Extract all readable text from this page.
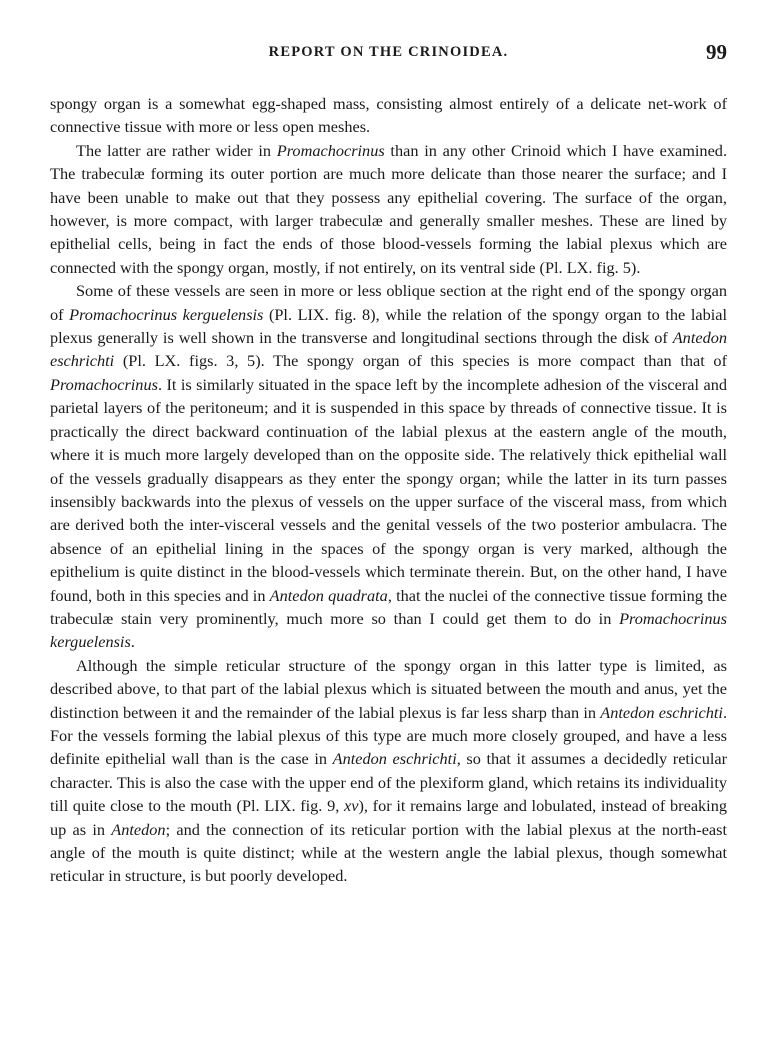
REPORT ON THE CRINOIDEA.	99

spongy organ is a somewhat egg-shaped mass, consisting almost entirely of a delicate net-work of connective tissue with more or less open meshes.

The latter are rather wider in Promachocrinus than in any other Crinoid which I have examined. The trabeculæ forming its outer portion are much more delicate than those nearer the surface; and I have been unable to make out that they possess any epithelial covering. The surface of the organ, however, is more compact, with larger trabeculæ and generally smaller meshes. These are lined by epithelial cells, being in fact the ends of those blood-vessels forming the labial plexus which are connected with the spongy organ, mostly, if not entirely, on its ventral side (Pl. LX. fig. 5).

Some of these vessels are seen in more or less oblique section at the right end of the spongy organ of Promachocrinus kerguelensis (Pl. LIX. fig. 8), while the relation of the spongy organ to the labial plexus generally is well shown in the transverse and longitudinal sections through the disk of Antedon eschrichti (Pl. LX. figs. 3, 5). The spongy organ of this species is more compact than that of Promachocrinus. It is similarly situated in the space left by the incomplete adhesion of the visceral and parietal layers of the peritoneum; and it is suspended in this space by threads of connective tissue. It is practically the direct backward continuation of the labial plexus at the eastern angle of the mouth, where it is much more largely developed than on the opposite side. The relatively thick epithelial wall of the vessels gradually disappears as they enter the spongy organ; while the latter in its turn passes insensibly backwards into the plexus of vessels on the upper surface of the visceral mass, from which are derived both the inter-visceral vessels and the genital vessels of the two posterior ambulacra. The absence of an epithelial lining in the spaces of the spongy organ is very marked, although the epithelium is quite distinct in the blood-vessels which terminate therein. But, on the other hand, I have found, both in this species and in Antedon quadrata, that the nuclei of the connective tissue forming the trabeculæ stain very prominently, much more so than I could get them to do in Promachocrinus kerguelensis.

Although the simple reticular structure of the spongy organ in this latter type is limited, as described above, to that part of the labial plexus which is situated between the mouth and anus, yet the distinction between it and the remainder of the labial plexus is far less sharp than in Antedon eschrichti. For the vessels forming the labial plexus of this type are much more closely grouped, and have a less definite epithelial wall than is the case in Antedon eschrichti, so that it assumes a decidedly reticular character. This is also the case with the upper end of the plexiform gland, which retains its individuality till quite close to the mouth (Pl. LIX. fig. 9, xv), for it remains large and lobulated, instead of breaking up as in Antedon; and the connection of its reticular portion with the labial plexus at the north-east angle of the mouth is quite distinct; while at the western angle the labial plexus, though somewhat reticular in structure, is but poorly developed.
